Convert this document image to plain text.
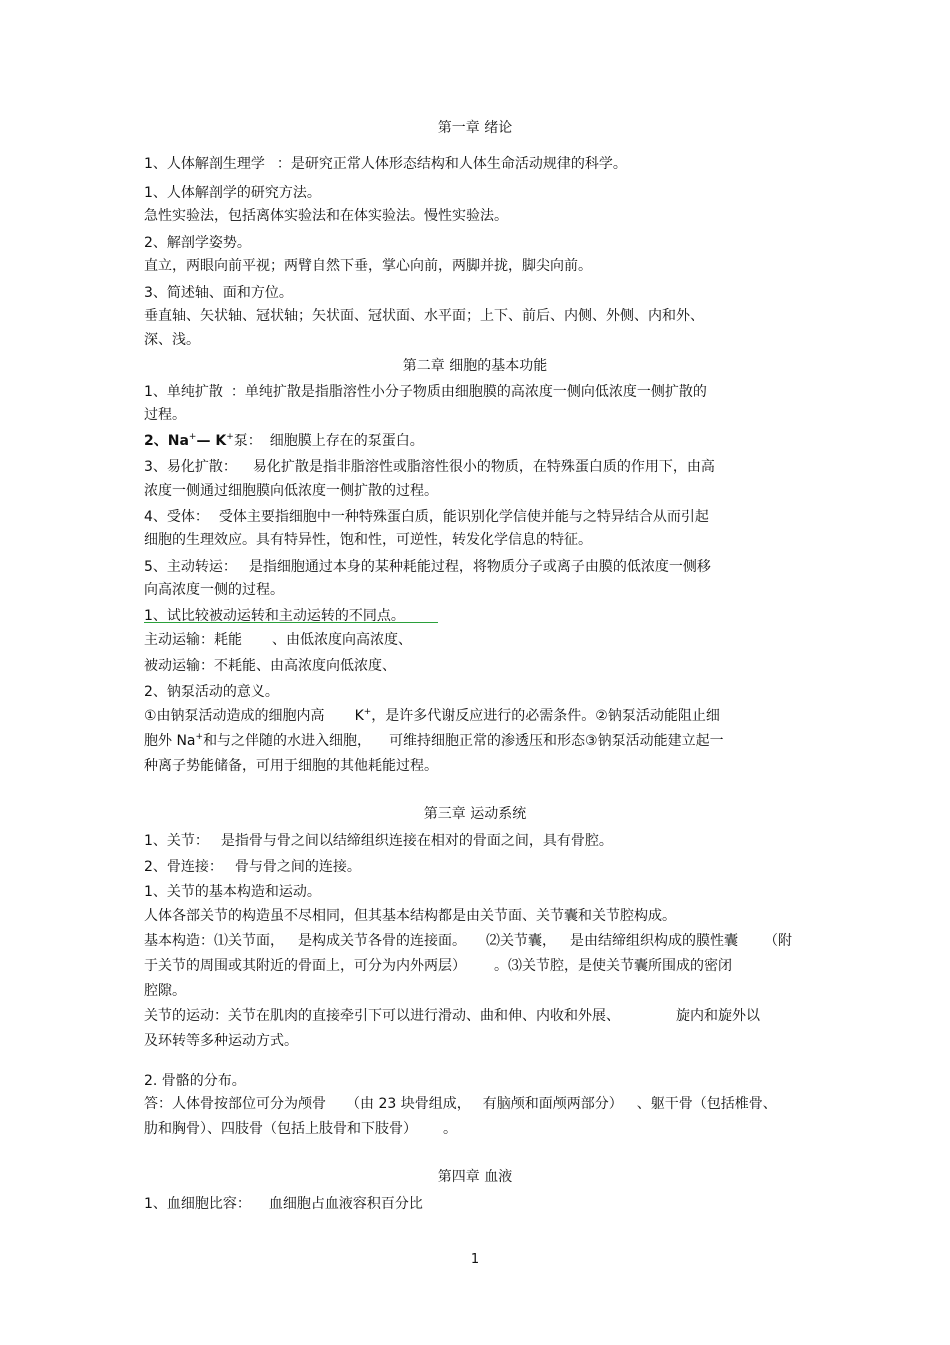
第一章 绪论
1、人体解剖生理学 ：是研究正常人体形态结构和人体生命活动规律的科学。
1、人体解剖学的研究方法。
急性实验法，包括离体实验法和在体实验法。慢性实验法。
2、解剖学姿势。
直立，两眼向前平视；两臂自然下垂，掌心向前，两脚并拢，脚尖向前。
3、简述轴、面和方位。
垂直轴、矢状轴、冠状轴；矢状面、冠状面、水平面；上下、前后、内侧、外侧、内和外、
深、浅。
第二章 细胞的基本功能
1、单纯扩散 ：单纯扩散是指脂溶性小分子物质由细胞膜的高浓度一侧向低浓度一侧扩散的
过程。
2、Na+— K+泵： 细胞膜上存在的泵蛋白。
3、易化扩散： 易化扩散是指非脂溶性或脂溶性很小的物质，在特殊蛋白质的作用下，由高
浓度一侧通过细胞膜向低浓度一侧扩散的过程。
4、受体： 受体主要指细胞中一种特殊蛋白质，能识别化学信使并能与之特异结合从而引起
细胞的生理效应。具有特异性，饱和性，可逆性，转发化学信息的特征。
5、主动转运： 是指细胞通过本身的某种耗能过程，将物质分子或离子由膜的低浓度一侧移
向高浓度一侧的过程。
1、试比较被动运转和主动运转的不同点。
主动运输：耗能 、由低浓度向高浓度、
被动运输：不耗能、由高浓度向低浓度、
2、钠泵活动的意义。
①由钠泵活动造成的细胞内高 K+，是许多代谢反应进行的必需条件。②钠泵活动能阻止细
胞外 Na+和与之伴随的水进入细胞， 可维持细胞正常的渗透压和形态③钠泵活动能建立起一
种离子势能储备，可用于细胞的其他耗能过程。
第三章 运动系统
1、关节： 是指骨与骨之间以结缔组织连接在相对的骨面之间，具有骨腔。
2、骨连接： 骨与骨之间的连接。
1、关节的基本构造和运动。
人体各部关节的构造虽不尽相同，但其基本结构都是由关节面、关节囊和关节腔构成。
基本构造：⑴关节面， 是构成关节各骨的连接面。 ⑵关节囊， 是由结缔组织构成的膜性囊 （附
于关节的周围或其附近的骨面上，可分为内外两层） 。⑶关节腔，是使关节囊所围成的密闭
腔隙。
关节的运动：关节在肌肉的直接牵引下可以进行滑动、曲和伸、内收和外展、	旋内和旋外以
及环转等多种运动方式。
2. 骨骼的分布。
答：人体骨按部位可分为颅骨 （由 23 块骨组成， 有脑颅和面颅两部分） 、躯干骨（包括椎骨、
肋和胸骨）、四肢骨（包括上肢骨和下肢骨） 。
第四章 血液
1、血细胞比容： 血细胞占血液容积百分比
1
